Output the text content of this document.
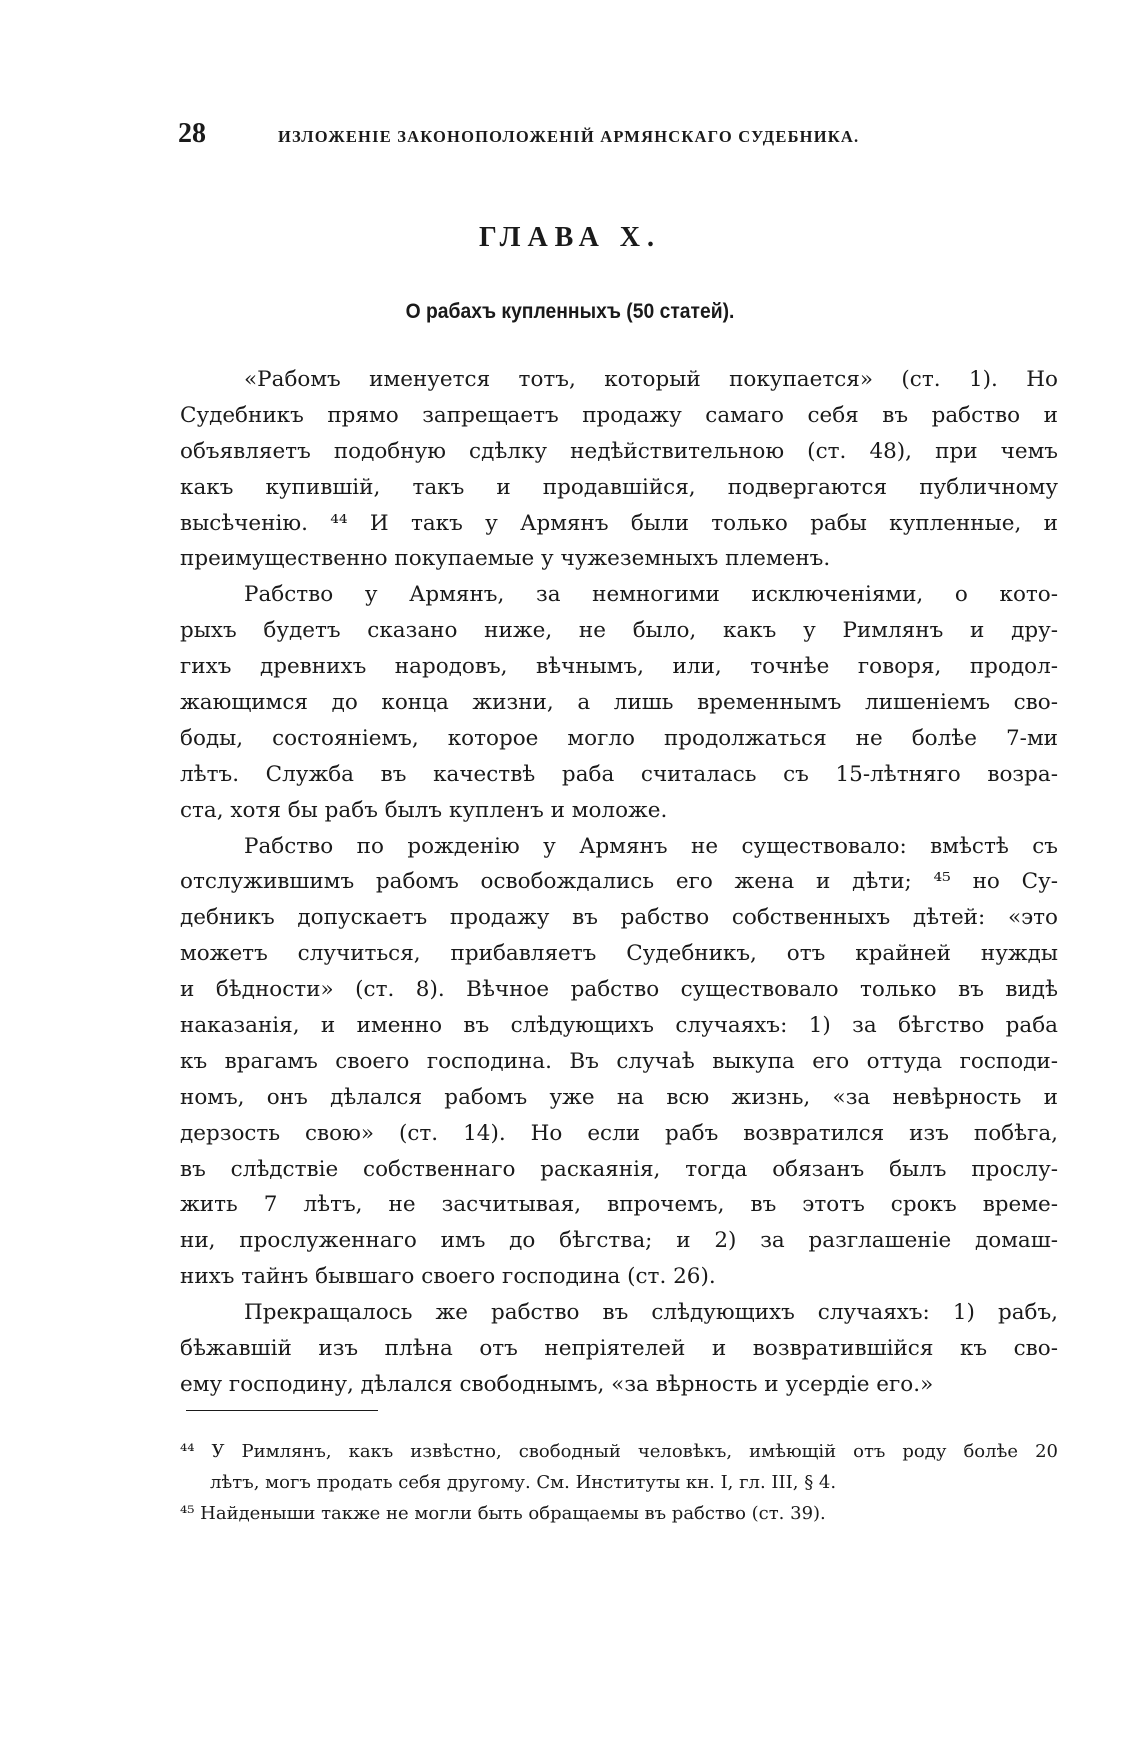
28	ИЗЛОЖЕНІЕ ЗАКОНОПОЛОЖЕНІЙ АРМЯНСКАГО СУДЕБНИКА.
ГЛАВА X.
О рабахъ купленныхъ (50 статей).
«Рабомъ именуется тотъ, который покупается» (ст. 1). Но
Судебникъ прямо запрещаетъ продажу самаго себя въ рабство и
объявляетъ подобную сдѣлку недѣйствительною (ст. 48), при чемъ
какъ купившій, такъ и продавшійся, подвергаются публичному
высѣченію. ⁴⁴ И такъ у Армянъ были только рабы купленные, и
преимущественно покупаемые у чужеземныхъ племенъ.
Рабство у Армянъ, за немногими исключеніями, о кото-
рыхъ будетъ сказано ниже, не было, какъ у Римлянъ и дру-
гихъ древнихъ народовъ, вѣчнымъ, или, точнѣе говоря, продол-
жающимся до конца жизни, а лишь временнымъ лишеніемъ сво-
боды, состояніемъ, которое могло продолжаться не болѣе 7-ми
лѣтъ. Служба въ качествѣ раба считалась съ 15-лѣтняго возра-
ста, хотя бы рабъ былъ купленъ и моложе.
Рабство по рожденію у Армянъ не существовало: вмѣстѣ съ
отслужившимъ рабомъ освобождались его жена и дѣти; ⁴⁵ но Су-
дебникъ допускаетъ продажу въ рабство собственныхъ дѣтей: «это
можетъ случиться, прибавляетъ Судебникъ, отъ крайней нужды
и бѣдности» (ст. 8). Вѣчное рабство существовало только въ видѣ
наказанія, и именно въ слѣдующихъ случаяхъ: 1) за бѣгство раба
къ врагамъ своего господина. Въ случаѣ выкупа его оттуда господи-
номъ, онъ дѣлался рабомъ уже на всю жизнь, «за невѣрность и
дерзость свою» (ст. 14). Но если рабъ возвратился изъ побѣга,
въ слѣдствіе собственнаго раскаянія, тогда обязанъ былъ прослу-
жить 7 лѣтъ, не засчитывая, впрочемъ, въ этотъ срокъ време-
ни, прослуженнаго имъ до бѣгства; и 2) за разглашеніе домаш-
нихъ тайнъ бывшаго своего господина (ст. 26).
Прекращалось же рабство въ слѣдующихъ случаяхъ: 1) рабъ,
бѣжавшій изъ плѣна отъ непріятелей и возвратившійся къ сво-
ему господину, дѣлался свободнымъ, «за вѣрность и усердіе его.»
⁴⁴ У Римлянъ, какъ извѣстно, свободный человѣкъ, имѣющій отъ роду болѣе 20
лѣтъ, могъ продать себя другому. См. Институты кн. I, гл. III, § 4.
⁴⁵ Найденыши также не могли быть обращаемы въ рабство (ст. 39).
